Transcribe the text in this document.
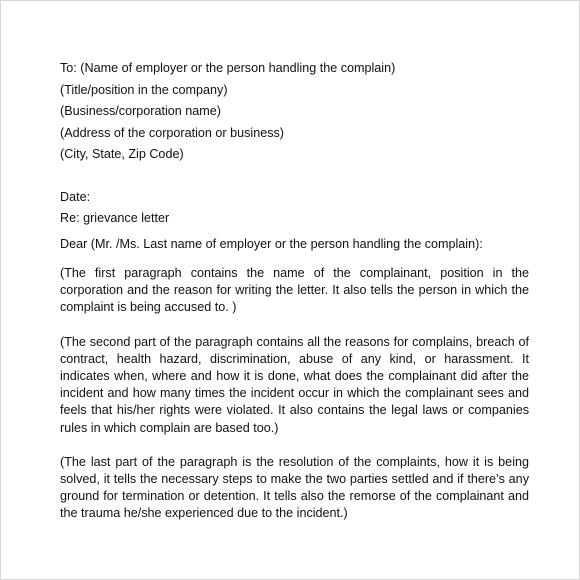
To: (Name of employer or the person handling the complain)
(Title/position in the company)
(Business/corporation name)
(Address of the corporation or business)
(City, State, Zip Code)
Date:
Re: grievance letter
Dear (Mr. /Ms. Last name of employer or the person handling the complain):

(The first paragraph contains the name of the complainant, position in the corporation and the reason for writing the letter. It also tells the person in which the complaint is being accused to. )

(The second part of the paragraph contains all the reasons for complains, breach of contract, health hazard, discrimination, abuse of any kind, or harassment. It indicates when, where and how it is done, what does the complainant did after the incident and how many times the incident occur in which the complainant sees and feels that his/her rights were violated. It also contains the legal laws or companies rules in which complain are based too.)

(The last part of the paragraph is the resolution of the complaints, how it is being solved, it tells the necessary steps to make the two parties settled and if there’s any ground for termination or detention. It tells also the remorse of the complainant and the trauma he/she experienced due to the incident.)
